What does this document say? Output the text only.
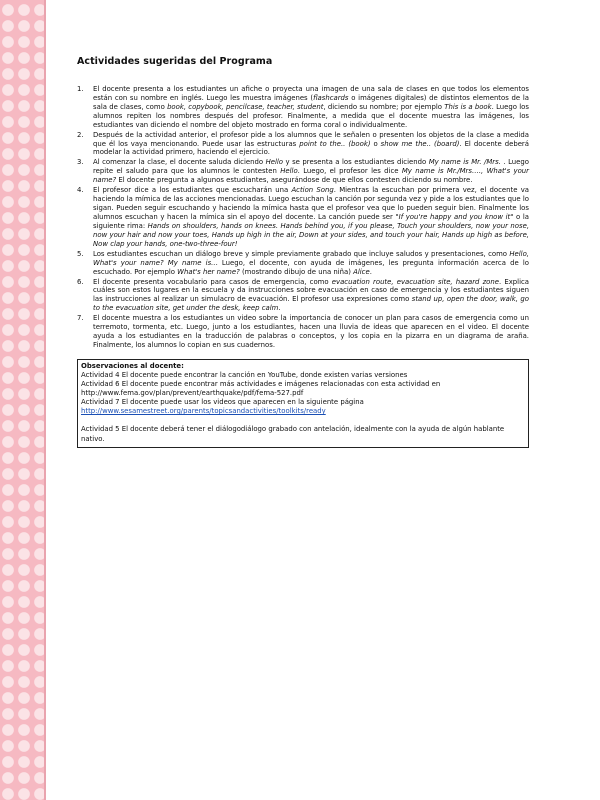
Actividades sugeridas del Programa
1. El docente presenta a los estudiantes un afiche o proyecta una imagen de una sala de clases en que todos los elementos están con su nombre en inglés. Luego les muestra imágenes (flashcards o imágenes digitales) de distintos elementos de la sala de clases, como book, copybook, pencilcase, teacher, student, diciendo su nombre; por ejemplo This is a book. Luego los alumnos repiten los nombres después del profesor. Finalmente, a medida que el docente muestra las imágenes, los estudiantes van diciendo el nombre del objeto mostrado en forma coral o individualmente.
2. Después de la actividad anterior, el profesor pide a los alumnos que le señalen o presenten los objetos de la clase a medida que él los vaya mencionando. Puede usar las estructuras point to the.. (book) o show me the.. (board). El docente deberá modelar la actividad primero, haciendo el ejercicio.
3. Al comenzar la clase, el docente saluda diciendo Hello y se presenta a los estudiantes diciendo My name is Mr. /Mrs. . Luego repite el saludo para que los alumnos le contesten Hello. Luego, el profesor les dice My name is Mr./Mrs…., What's your name? El docente pregunta a algunos estudiantes, asegurándose de que ellos contesten diciendo su nombre.
4. El profesor dice a los estudiantes que escucharán una Action Song. Mientras la escuchan por primera vez, el docente va haciendo la mímica de las acciones mencionadas. Luego escuchan la canción por segunda vez y pide a los estudiantes que lo sigan. Pueden seguir escuchando y haciendo la mímica hasta que el profesor vea que lo pueden seguir bien. Finalmente los alumnos escuchan y hacen la mímica sin el apoyo del docente. La canción puede ser "If you're happy and you know it" o la siguiente rima: Hands on shoulders, hands on knees. Hands behind you, if you please, Touch your shoulders, now your nose, now your hair and now your toes, Hands up high in the air, Down at your sides, and touch your hair, Hands up high as before, Now clap your hands, one-two-three-four!
5. Los estudiantes escuchan un diálogo breve y simple previamente grabado que incluye saludos y presentaciones, como Hello, What's your name? My name is... Luego, el docente, con ayuda de imágenes, les pregunta información acerca de lo escuchado. Por ejemplo What's her name? (mostrando dibujo de una niña) Alice.
6. El docente presenta vocabulario para casos de emergencia, como evacuation route, evacuation site, hazard zone. Explica cuáles son estos lugares en la escuela y da instrucciones sobre evacuación en caso de emergencia y los estudiantes siguen las instrucciones al realizar un simulacro de evacuación. El profesor usa expresiones como stand up, open the door, walk, go to the evacuation site, get under the desk, keep calm.
7. El docente muestra a los estudiantes un video sobre la importancia de conocer un plan para casos de emergencia como un terremoto, tormenta, etc. Luego, junto a los estudiantes, hacen una lluvia de ideas que aparecen en el video. El docente ayuda a los estudiantes en la traducción de palabras o conceptos, y los copia en la pizarra en un diagrama de araña. Finalmente, los alumnos lo copian en sus cuadernos.
Observaciones al docente:
Actividad 4 El docente puede encontrar la canción en YouTube, donde existen varias versiones
Actividad 6 El docente puede encontrar más actividades e imágenes relacionadas con esta actividad en
http://www.fema.gov/plan/prevent/earthquake/pdf/fema-527.pdf
Actividad 7 El docente puede usar los videos que aparecen en la siguiente página
http://www.sesamestreet.org/parents/topicsandactivities/toolkits/ready
Actividad 5 El docente deberá tener el diálogodiálogo grabado con antelación, idealmente con la ayuda de algún hablante nativo.
